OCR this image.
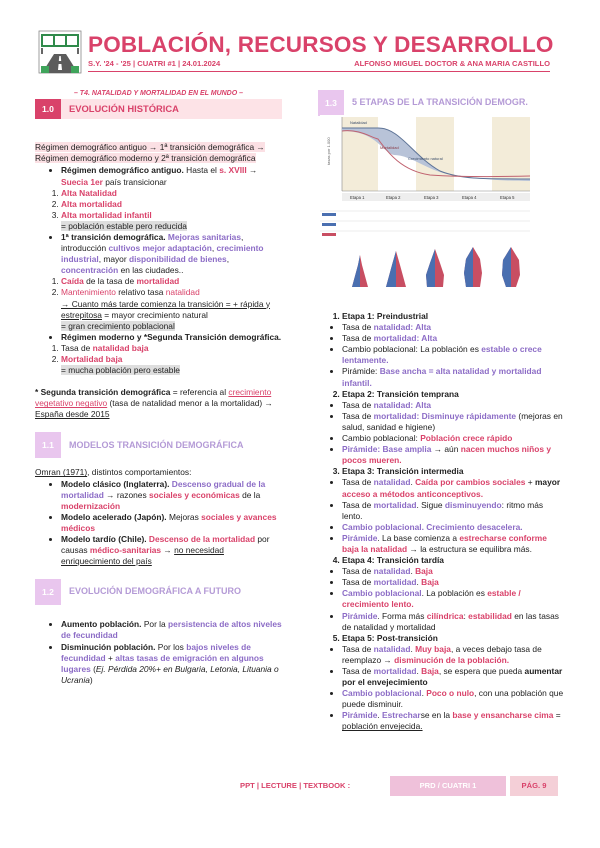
POBLACIÓN, RECURSOS Y DESARROLLO
S.Y. '24 - '25 | CUATRI #1 | 24.01.2024	ALFONSO MIGUEL DOCTOR & ANA MARIA CASTILLO
– T4. NATALIDAD Y MORTALIDAD EN EL MUNDO –
1.0	EVOLUCIÓN HISTÓRICA

Régimen demográfico antiguo → 1ª transición demográfica → Régimen demográfico moderno y 2ª transición demográfica

• Régimen demográfico antiguo. Hasta el s. XVIII → Suecia 1er país transicionar
1. Alta Natalidad
2. Alta mortalidad
3. Alta mortalidad infantil
= población estable pero reducida
• 1ª transición demográfica. Mejoras sanitarias, introducción cultivos mejor adaptación, crecimiento industrial, mayor disponibilidad de bienes, concentración en las ciudades..
1. Caída de la tasa de mortalidad
2. Mantenimiento relativo tasa natalidad
→ Cuanto más tarde comienza la transición = + rápida y estrepitosa = mayor crecimiento natural
= gran crecimiento poblacional
• Régimen moderno y *Segunda Transición demográfica.
1. Tasa de natalidad baja
2. Mortalidad baja
= mucha población pero estable

* Segunda transición demográfica = referencia al crecimiento vegetativo negativo (tasa de natalidad menor a la mortalidad) → España desde 2015

1.1	MODELOS TRANSICIÓN DEMOGRÁFICA

Omran (1971), distintos comportamientos:

• Modelo clásico (Inglaterra). Descenso gradual de la mortalidad → razones sociales y económicas de la modernización
• Modelo acelerado (Japón). Mejoras sociales y avances médicos
• Modelo tardío (Chile). Descenso de la mortalidad por causas médico-sanitarias → no necesidad enriquecimiento del país
1.2	EVOLUCIÓN DEMOGRÁFICA A FUTURO
• Aumento población. Por la persistencia de altos niveles de fecundidad
• Disminución población. Por los bajos niveles de fecundidad + altas tasas de emigración en algunos lugares (Ej. Pérdida 20%+ en Bulgaria, Letonia, Lituania o Ucrania)
1.3	5 ETAPAS DE LA TRANSICIÓN DEMOGR.
tasas por 1.000
Natalidad
Mortalidad
Crecimiento natural
Etapa 1	Etapa 2	Etapa 3	Etapa 4	Etapa 5
1. Etapa 1: Preindustrial
• Tasa de natalidad: Alta
• Tasa de mortalidad: Alta
• Cambio poblacional: La población es estable o crece lentamente.
• Pirámide: Base ancha = alta natalidad y mortalidad infantil.
2. Etapa 2: Transición temprana
• Tasa de natalidad: Alta
• Tasa de mortalidad: Disminuye rápidamente (mejoras en salud, sanidad e higiene)
• Cambio poblacional: Población crece rápido
• Pirámide: Base amplia → aún nacen muchos niños y pocos mueren.
3. Etapa 3: Transición intermedia
• Tasa de natalidad. Caída por cambios sociales + mayor acceso a métodos anticonceptivos.
• Tasa de mortalidad. Sigue disminuyendo: ritmo más lento.
• Cambio poblacional. Crecimiento desacelera.
• Pirámide. La base comienza a estrecharse conforme baja la natalidad → la estructura se equilibra más.
4. Etapa 4: Transición tardía
• Tasa de natalidad. Baja
• Tasa de mortalidad. Baja
• Cambio poblacional. La población es estable / crecimiento lento.
• Pirámide. Forma más cilíndrica: estabilidad en las tasas de natalidad y mortalidad
5. Etapa 5: Post-transición
• Tasa de natalidad. Muy baja, a veces debajo tasa de reemplazo → disminución de la población.
• Tasa de mortalidad. Baja, se espera que pueda aumentar por el envejecimiento
• Cambio poblacional. Poco o nulo, con una población que puede disminuir.
• Pirámide. Estrecharse en la base y ensancharse cima = población envejecida.
PPT | LECTURE | TEXTBOOK :	PRD / CUATRI 1	PÁG. 9
